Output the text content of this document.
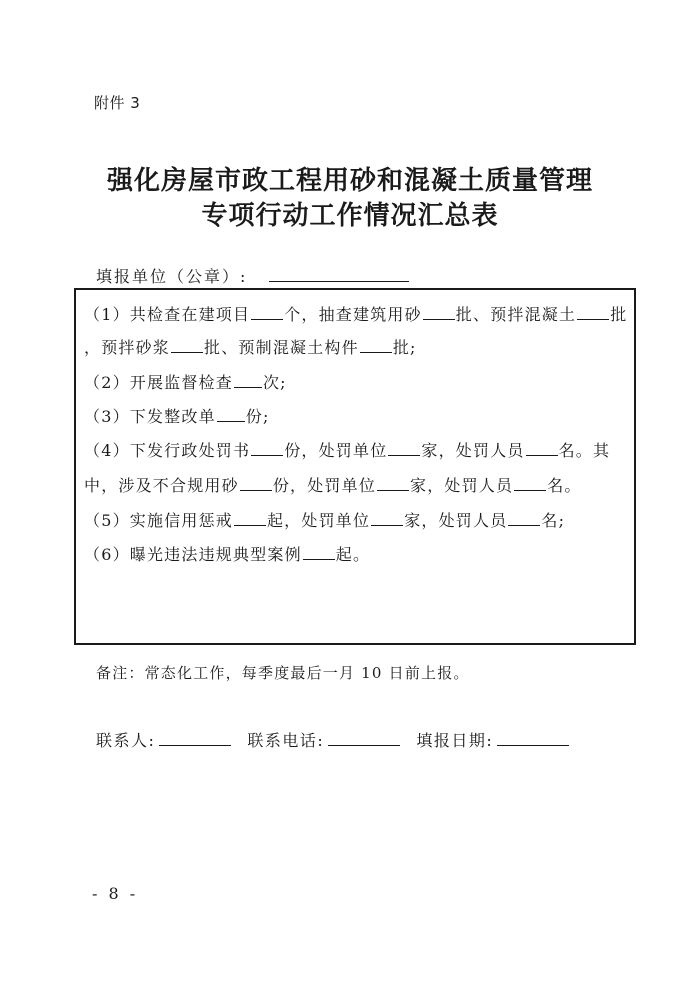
附件 3
强化房屋市政工程用砂和混凝土质量管理
专项行动工作情况汇总表
填报单位（公章）:
（1）共检查在建项目 个，抽查建筑用砂 批、预拌混凝土 批
，预拌砂浆 批、预制混凝土构件 批;
（2）开展监督检查 次;
（3）下发整改单 份;
（4）下发行政处罚书 份，处罚单位 家，处罚人员 名。其
中，涉及不合规用砂 份，处罚单位 家，处罚人员 名。
（5）实施信用惩戒 起，处罚单位 家，处罚人员 名;
（6）曝光违法违规典型案例 起。
备注：常态化工作，每季度最后一月 10 日前上报。
联系人:	联系电话:	填报日期:
- 8 -
